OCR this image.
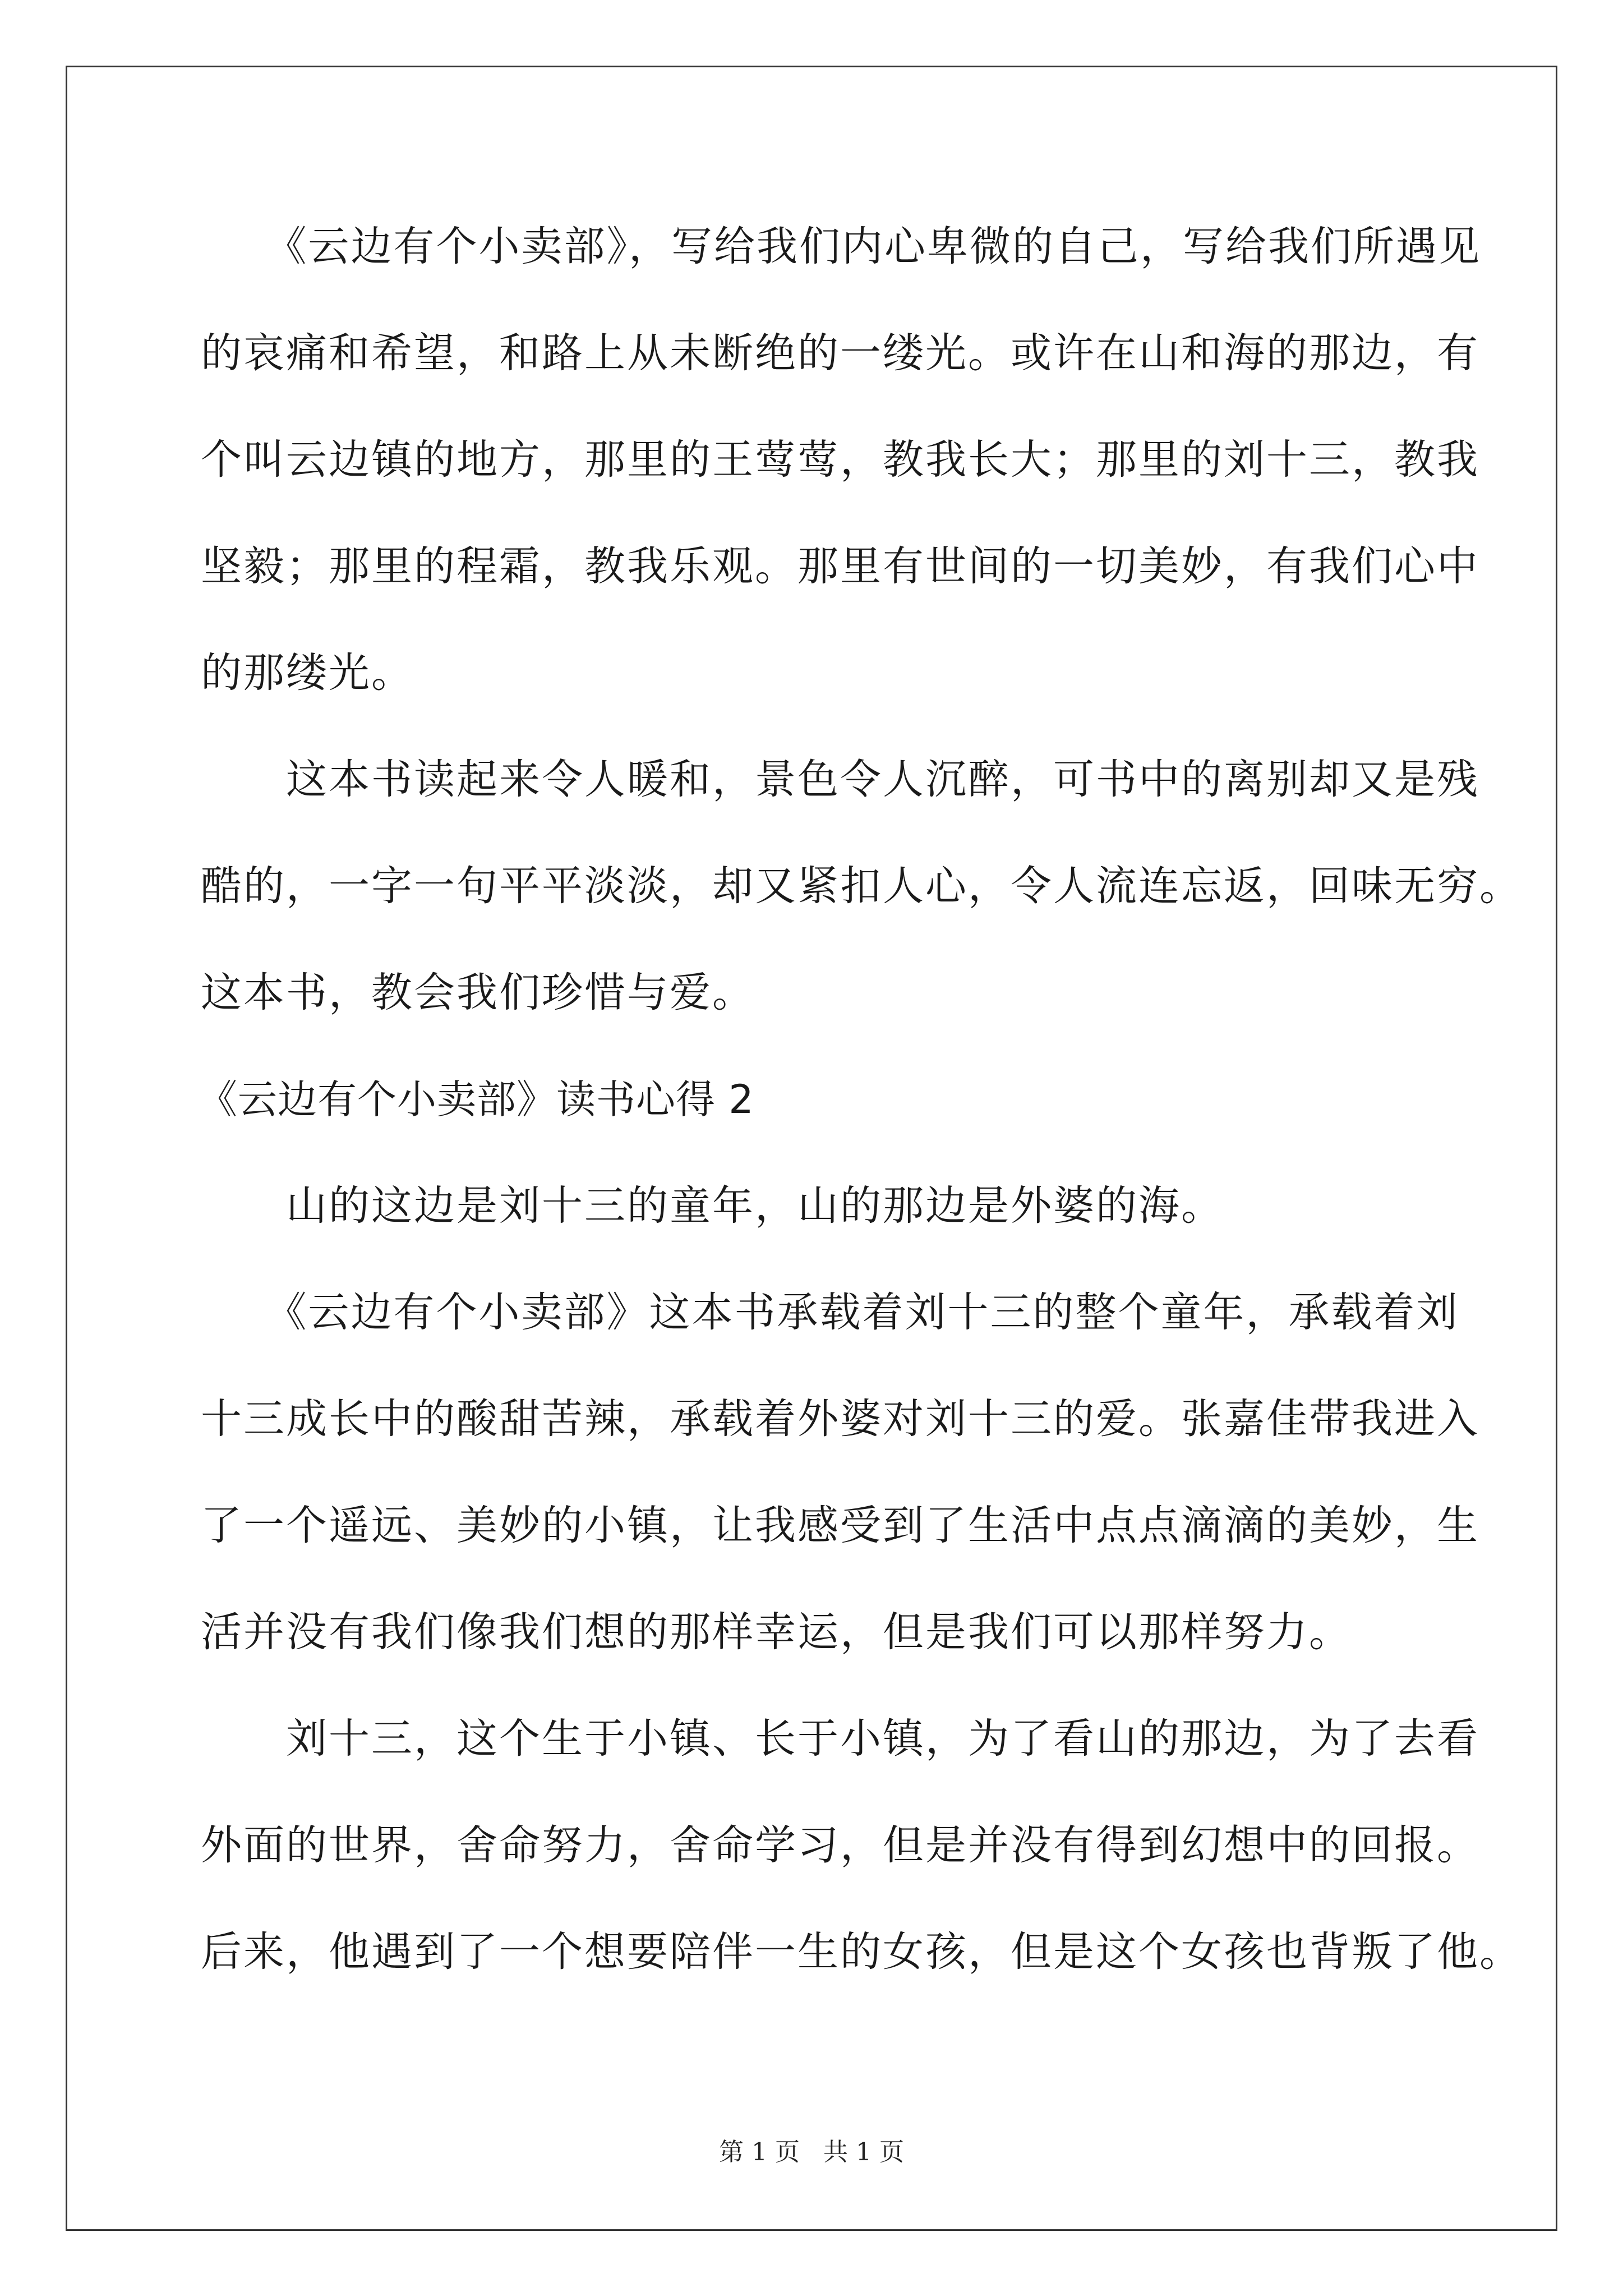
　　《云边有个小卖部》，写给我们内心卑微的自己，写给我们所遇见
的哀痛和希望，和路上从未断绝的一缕光。或许在山和海的那边，有
个叫云边镇的地方，那里的王莺莺，教我长大；那里的刘十三，教我
坚毅；那里的程霜，教我乐观。那里有世间的一切美妙，有我们心中
的那缕光。
　　这本书读起来令人暖和，景色令人沉醉，可书中的离别却又是残
酷的，一字一句平平淡淡，却又紧扣人心，令人流连忘返，回味无穷。
这本书，教会我们珍惜与爱。
《云边有个小卖部》读书心得 2
　　山的这边是刘十三的童年，山的那边是外婆的海。
　　《云边有个小卖部》这本书承载着刘十三的整个童年，承载着刘
十三成长中的酸甜苦辣，承载着外婆对刘十三的爱。张嘉佳带我进入
了一个遥远、美妙的小镇，让我感受到了生活中点点滴滴的美妙，生
活并没有我们像我们想的那样幸运，但是我们可以那样努力。
　　刘十三，这个生于小镇、长于小镇，为了看山的那边，为了去看
外面的世界，舍命努力，舍命学习，但是并没有得到幻想中的回报。
后来，他遇到了一个想要陪伴一生的女孩，但是这个女孩也背叛了他。
第 1 页 共 1 页
